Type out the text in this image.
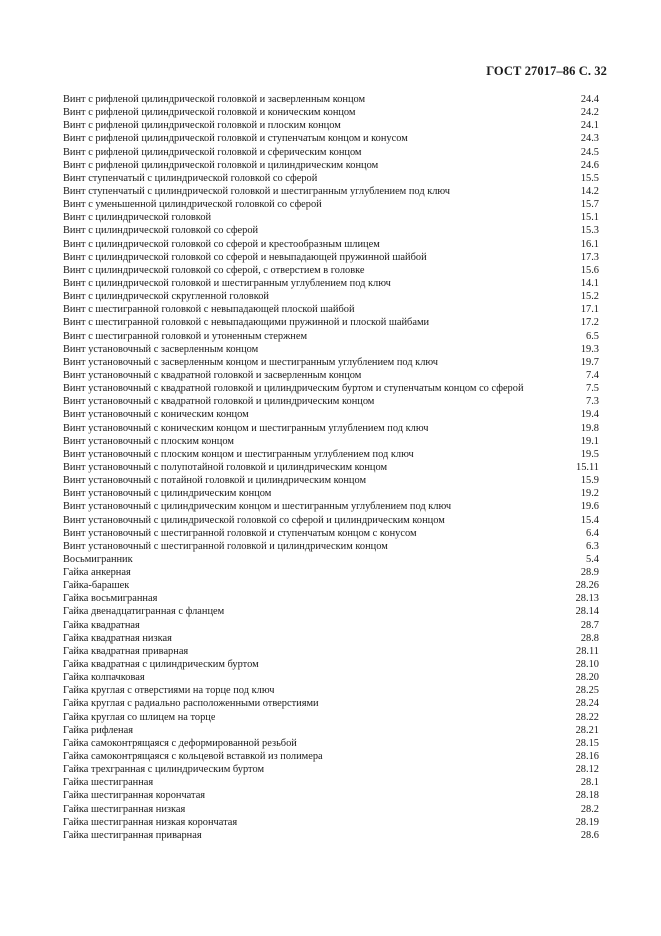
ГОСТ 27017–86 С. 32
Винт с рифленой цилиндрической головкой и засверленным концом	24.4
Винт с рифленой цилиндрической головкой и коническим концом	24.2
Винт с рифленой цилиндрической головкой и плоским концом	24.1
Винт с рифленой цилиндрической головкой и ступенчатым концом и конусом	24.3
Винт с рифленой цилиндрической головкой и сферическим концом	24.5
Винт с рифленой цилиндрической головкой и цилиндрическим концом	24.6
Винт ступенчатый с цилиндрической головкой со сферой	15.5
Винт ступенчатый с цилиндрической головкой и шестигранным углублением под ключ	14.2
Винт с уменьшенной цилиндрической головкой со сферой	15.7
Винт с цилиндрической головкой	15.1
Винт с цилиндрической головкой со сферой	15.3
Винт с цилиндрической головкой со сферой и крестообразным шлицем	16.1
Винт с цилиндрической головкой со сферой и невыпадающей пружинной шайбой	17.3
Винт с цилиндрической головкой со сферой, с отверстием в головке	15.6
Винт с цилиндрической головкой и шестигранным углублением под ключ	14.1
Винт с цилиндрической скругленной головкой	15.2
Винт с шестигранной головкой с невыпадающей плоской шайбой	17.1
Винт с шестигранной головкой с невыпадающими пружинной и плоской шайбами	17.2
Винт с шестигранной головкой и утоненным стержнем	6.5
Винт установочный с засверленным концом	19.3
Винт установочный с засверленным концом и шестигранным углублением под ключ	19.7
Винт установочный с квадратной головкой и засверленным концом	7.4
Винт установочный с квадратной головкой и цилиндрическим буртом и ступенчатым концом со сферой	7.5
Винт установочный с квадратной головкой и цилиндрическим концом	7.3
Винт установочный с коническим концом	19.4
Винт установочный с коническим концом и шестигранным углублением под ключ	19.8
Винт установочный с плоским концом	19.1
Винт установочный с плоским концом и шестигранным углублением под ключ	19.5
Винт установочный с полупотайной головкой и цилиндрическим концом	15.11
Винт установочный с потайной головкой и цилиндрическим концом	15.9
Винт установочный с цилиндрическим концом	19.2
Винт установочный с цилиндрическим концом и шестигранным углублением под ключ	19.6
Винт установочный с цилиндрической головкой со сферой и цилиндрическим концом	15.4
Винт установочный с шестигранной головкой и ступенчатым концом с конусом	6.4
Винт установочный с шестигранной головкой и цилиндрическим концом	6.3
Восьмигранник	5.4
Гайка анкерная	28.9
Гайка-барашек	28.26
Гайка восьмигранная	28.13
Гайка двенадцатигранная с фланцем	28.14
Гайка квадратная	28.7
Гайка квадратная низкая	28.8
Гайка квадратная приварная	28.11
Гайка квадратная с цилиндрическим буртом	28.10
Гайка колпачковая	28.20
Гайка круглая с отверстиями на торце под ключ	28.25
Гайка круглая с радиально расположенными отверстиями	28.24
Гайка круглая со шлицем на торце	28.22
Гайка рифленая	28.21
Гайка самоконтрящаяся с деформированной резьбой	28.15
Гайка самоконтрящаяся с кольцевой вставкой из полимера	28.16
Гайка трехгранная с цилиндрическим буртом	28.12
Гайка шестигранная	28.1
Гайка шестигранная корончатая	28.18
Гайка шестигранная низкая	28.2
Гайка шестигранная низкая корончатая	28.19
Гайка шестигранная приварная	28.6
